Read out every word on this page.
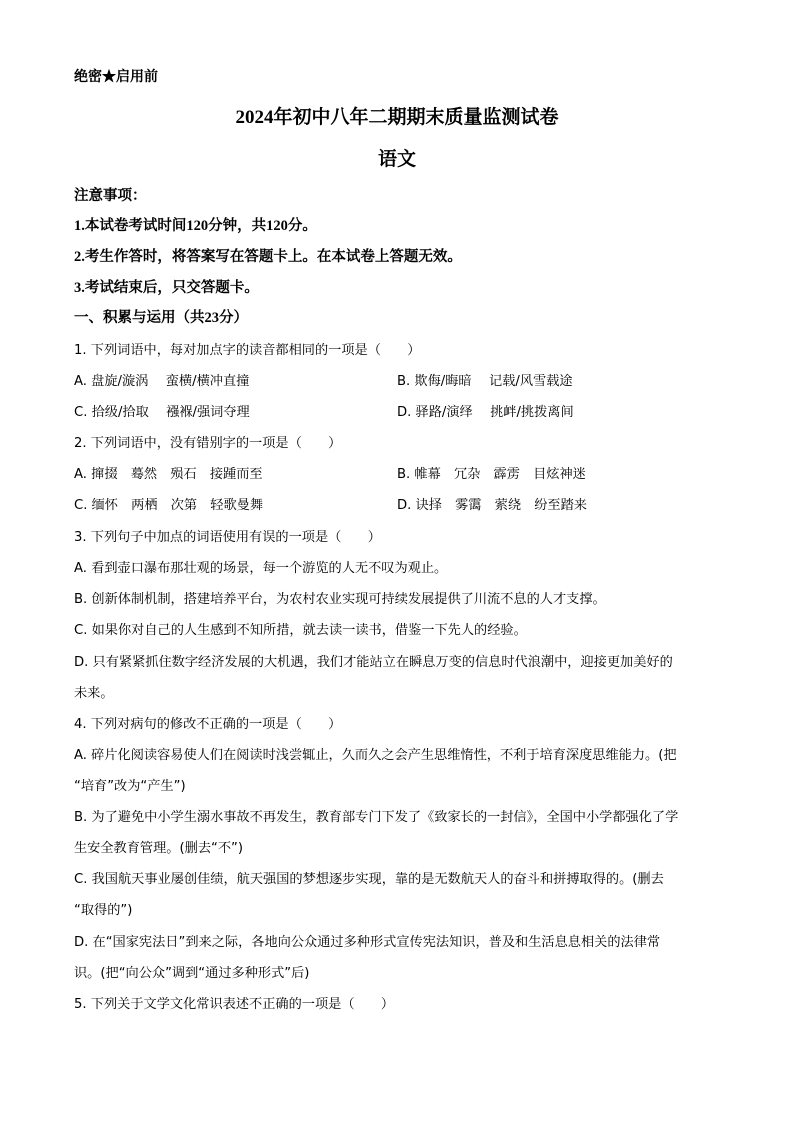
绝密★启用前
2024年初中八年二期期末质量监测试卷
语文
注意事项：
1.本试卷考试时间120分钟，共120分。
2.考生作答时，将答案写在答题卡上。在本试卷上答题无效。
3.考试结束后，只交答题卡。
一、积累与运用（共23分）
1. 下列词语中，每对加点字的读音都相同的一项是（　　）
A. 盘旋/漩涡　 蛮横/横冲直撞	B. 欺侮/晦暗　 记载/风雪载途
C. 拾级/拾取　 襁褓/强词夺理	D. 驿路/演绎　 挑衅/挑拨离间
2. 下列词语中，没有错别字的一项是（　　）
A. 撺掇　蓦然　殒石　接踵而至	B. 帷幕　冗杂　霹雳　目炫神迷
C. 缅怀　两栖　次第　轻歌曼舞	D. 诀择　雾霭　萦绕　纷至踏来
3. 下列句子中加点的词语使用有误的一项是（　　）
A. 看到壶口瀑布那壮观的场景，每一个游览的人无不叹为观止。
B. 创新体制机制，搭建培养平台，为农村农业实现可持续发展提供了川流不息的人才支撑。
C. 如果你对自己的人生感到不知所措，就去读一读书，借鉴一下先人的经验。
D. 只有紧紧抓住数字经济发展的大机遇，我们才能站立在瞬息万变的信息时代浪潮中，迎接更加美好的
未来。
4. 下列对病句的修改不正确的一项是（　　）
A. 碎片化阅读容易使人们在阅读时浅尝辄止，久而久之会产生思维惰性，不利于培育深度思维能力。(把
“培育”改为“产生”)
B. 为了避免中小学生溺水事故不再发生，教育部专门下发了《致家长的一封信》，全国中小学都强化了学
生安全教育管理。(删去“不”)
C. 我国航天事业屡创佳绩，航天强国的梦想逐步实现，靠的是无数航天人的奋斗和拼搏取得的。(删去
“取得的”)
D. 在“国家宪法日”到来之际，各地向公众通过多种形式宣传宪法知识，普及和生活息息相关的法律常
识。(把“向公众”调到“通过多种形式”后)
5. 下列关于文学文化常识表述不正确的一项是（　　）
